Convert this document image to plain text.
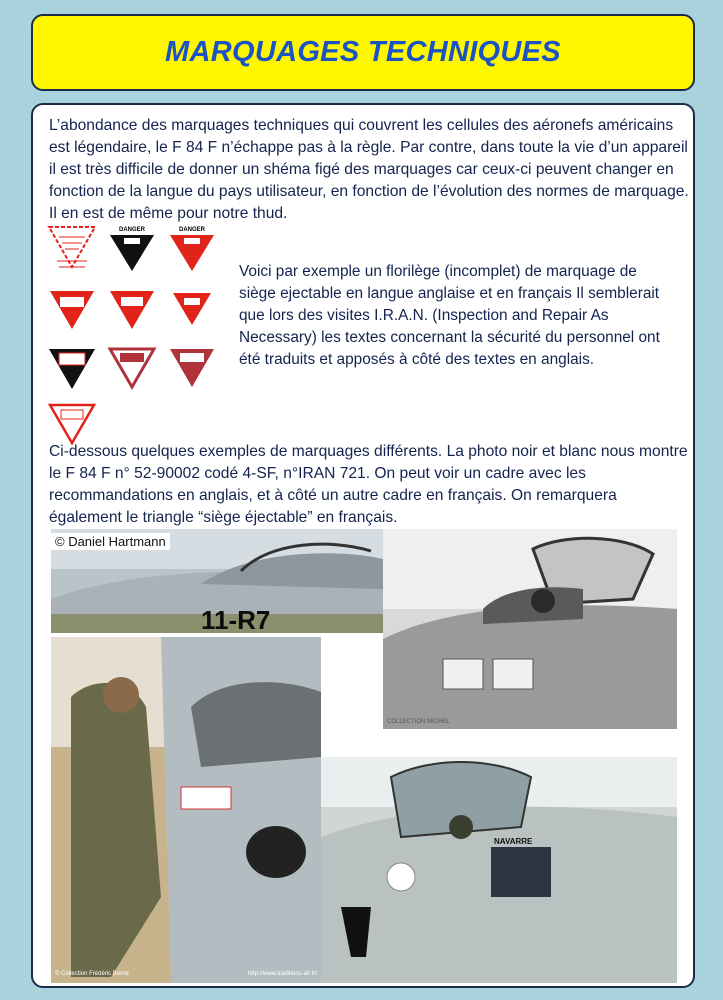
MARQUAGES TECHNIQUES

L’abondance des marquages techniques qui couvrent les cellules des aéronefs américains est légendaire, le F 84 F n’échappe pas à la règle. Par contre, dans toute la vie d’un appareil il est très difficile de donner un shéma figé des marquages car ceux-ci peuvent changer en fonction de la langue du pays utilisateur, en fonction de l’évolution des normes de marquage. Il en est de même pour notre thud.

DANGER	DANGER

Voici par exemple un florilège (incomplet) de marquage de siège ejectable en langue anglaise et en français Il semblerait que lors des visites I.R.A.N. (Inspection and Repair As Necessary) les textes concernant la sécurité du personnel ont été traduits et apposés à côté des textes en anglais.

Ci-dessous quelques exemples de marquages différents. La photo noir et blanc nous montre le F 84 F n° 52-90002 codé 4-SF, n°IRAN 721. On peut voir un cadre avec les recommandations en anglais, et à côté un autre cadre en français. On remarquera également le triangle “siège éjectable” en français.

© Daniel Hartmann
11-R7
COLLECTION MICHEL
© Collection Frédéric Borne	http://www.traditions-air.fr/
NAVARRE
